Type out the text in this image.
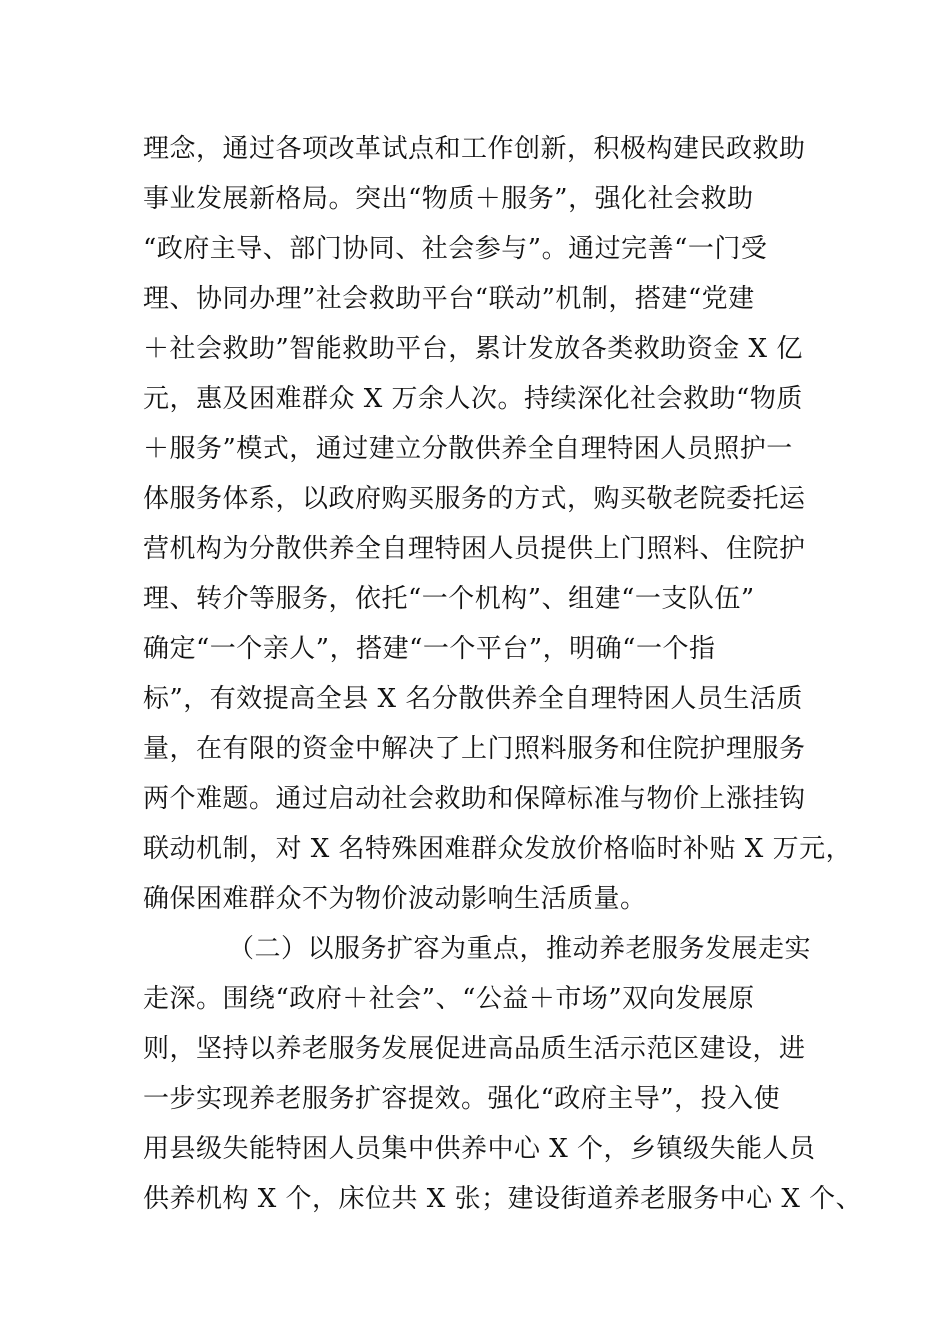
理念，通过各项改革试点和工作创新，积极构建民政救助
事业发展新格局。突出“物质＋服务”，强化社会救助
“政府主导、部门协同、社会参与”。通过完善“一门受
理、协同办理”社会救助平台“联动”机制，搭建“党建
＋社会救助”智能救助平台，累计发放各类救助资金 X 亿
元，惠及困难群众 X 万余人次。持续深化社会救助“物质
＋服务”模式，通过建立分散供养全自理特困人员照护一
体服务体系，以政府购买服务的方式，购买敬老院委托运
营机构为分散供养全自理特困人员提供上门照料、住院护
理、转介等服务，依托“一个机构”、组建“一支队伍”
确定“一个亲人”，搭建“一个平台”，明确“一个指
标”，有效提高全县 X 名分散供养全自理特困人员生活质
量，在有限的资金中解决了上门照料服务和住院护理服务
两个难题。通过启动社会救助和保障标准与物价上涨挂钩
联动机制，对 X 名特殊困难群众发放价格临时补贴 X 万元，
确保困难群众不为物价波动影响生活质量。
（二）以服务扩容为重点，推动养老服务发展走实
走深。围绕“政府＋社会”、“公益＋市场”双向发展原
则，坚持以养老服务发展促进高品质生活示范区建设，进
一步实现养老服务扩容提效。强化“政府主导”，投入使
用县级失能特困人员集中供养中心 X 个，乡镇级失能人员
供养机构 X 个，床位共 X 张；建设街道养老服务中心 X 个、
